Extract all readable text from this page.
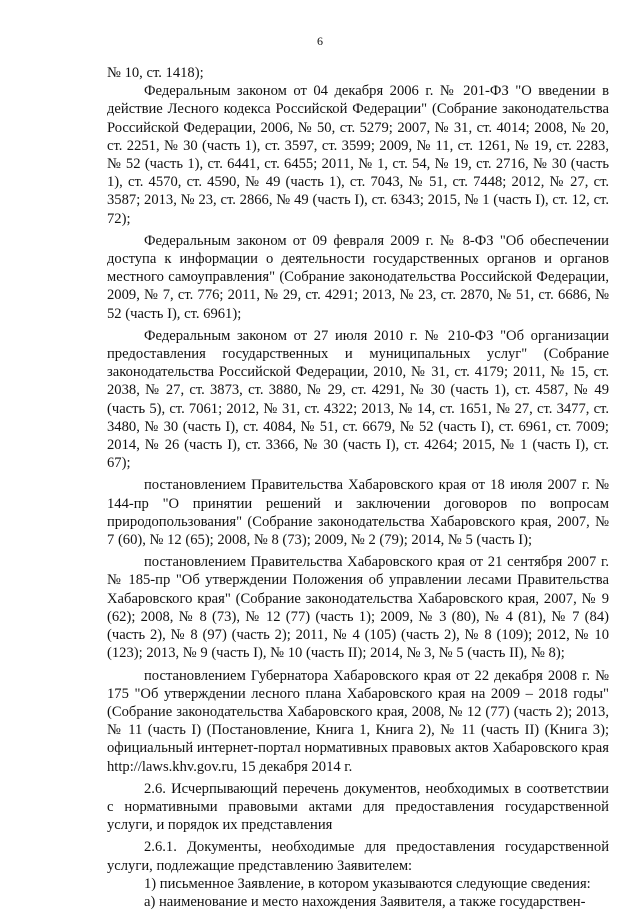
6

№ 10, ст. 1418);

Федеральным законом от 04 декабря 2006 г. № 201-ФЗ "О введении в действие Лесного кодекса Российской Федерации" (Собрание законодательства Российской Федерации, 2006, № 50, ст. 5279; 2007, № 31, ст. 4014; 2008, № 20, ст. 2251, № 30 (часть 1), ст. 3597, ст. 3599; 2009, № 11, ст. 1261, № 19, ст. 2283, № 52 (часть 1), ст. 6441, ст. 6455; 2011, № 1, ст. 54, № 19, ст. 2716, № 30 (часть 1), ст. 4570, ст. 4590, № 49 (часть 1), ст. 7043, № 51, ст. 7448; 2012, № 27, ст. 3587; 2013, № 23, ст. 2866, № 49 (часть I), ст. 6343; 2015, № 1 (часть I), ст. 12, ст. 72);

Федеральным законом от 09 февраля 2009 г. № 8-ФЗ "Об обеспечении доступа к информации о деятельности государственных органов и органов местного самоуправления" (Собрание законодательства Российской Федерации, 2009, № 7, ст. 776; 2011, № 29, ст. 4291; 2013, № 23, ст. 2870, № 51, ст. 6686, № 52 (часть I), ст. 6961);

Федеральным законом от 27 июля 2010 г. № 210-ФЗ "Об организации предоставления государственных и муниципальных услуг" (Собрание законодательства Российской Федерации, 2010, № 31, ст. 4179; 2011, № 15, ст. 2038, № 27, ст. 3873, ст. 3880, № 29, ст. 4291, № 30 (часть 1), ст. 4587, № 49 (часть 5), ст. 7061; 2012, № 31, ст. 4322; 2013, № 14, ст. 1651, № 27, ст. 3477, ст. 3480, № 30 (часть I), ст. 4084, № 51, ст. 6679, № 52 (часть I), ст. 6961, ст. 7009; 2014, № 26 (часть I), ст. 3366, № 30 (часть I), ст. 4264; 2015, № 1 (часть I), ст. 67);

постановлением Правительства Хабаровского края от 18 июля 2007 г. № 144-пр "О принятии решений и заключении договоров по вопросам природопользования" (Собрание законодательства Хабаровского края, 2007, № 7 (60), № 12 (65); 2008, № 8 (73); 2009, № 2 (79); 2014, № 5 (часть I);

постановлением Правительства Хабаровского края от 21 сентября 2007 г. № 185-пр "Об утверждении Положения об управлении лесами Правительства Хабаровского края" (Собрание законодательства Хабаровского края, 2007, № 9 (62); 2008, № 8 (73), № 12 (77) (часть 1); 2009, № 3 (80), № 4 (81), № 7 (84) (часть 2), № 8 (97) (часть 2); 2011, № 4 (105) (часть 2), № 8 (109); 2012, № 10 (123); 2013, № 9 (часть I), № 10 (часть II); 2014, № 3, № 5 (часть II), № 8);

постановлением Губернатора Хабаровского края от 22 декабря 2008 г. № 175 "Об утверждении лесного плана Хабаровского края на 2009 – 2018 годы" (Собрание законодательства Хабаровского края, 2008, № 12 (77) (часть 2); 2013, № 11 (часть I) (Постановление, Книга 1, Книга 2), № 11 (часть II) (Книга 3); официальный интернет-портал нормативных правовых актов Хабаровского края http://laws.khv.gov.ru, 15 декабря 2014 г.

2.6. Исчерпывающий перечень документов, необходимых в соответствии с нормативными правовыми актами для предоставления государственной услуги, и порядок их представления

2.6.1. Документы, необходимые для предоставления государственной услуги, подлежащие представлению Заявителем:

1) письменное Заявление, в котором указываются следующие сведения:

а) наименование и место нахождения Заявителя, а также государствен-
